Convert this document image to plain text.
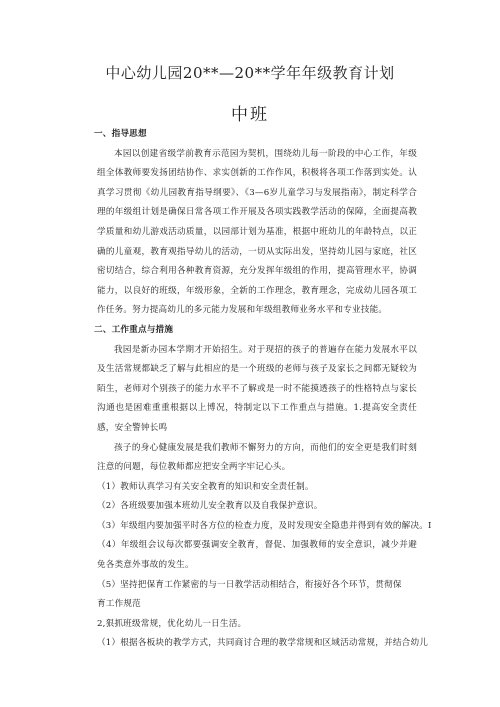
中心幼儿园20**—20**学年年级教育计划
中班
一、指导思想

本园以创建省级学前教育示范园为契机，围绕幼儿每一阶段的中心工作，年级组全体教师要发扬团结协作、求实创新的工作作风，积极将各项工作落到实处。认真学习贯彻《幼儿园教育指导纲要》、《3—6岁儿童学习与发展指南》，制定科学合理的年级组计划是确保日常各项工作开展及各项实践教学活动的保障，全面提高教学质量和幼儿游戏活动质量，以园部计划为基准，根据中班幼儿的年龄特点，以正确的儿童观，教育观指导幼儿的活动，一切从实际出发，坚持幼儿园与家庭，社区密切结合，综合利用各种教育资源，充分发挥年级组的作用，提高管理水平，协调能力，以良好的班级，年级形象，全新的工作理念，教育理念，完成幼儿园各项工作任务。努力提高幼儿的多元能力发展和年级组教师业务水平和专业技能。

二、工作重点与措施

我园是新办园本学期才开始招生。对于现招的孩子的普遍存在能力发展水平以及生活常规都缺乏了解与此相应的是一个班级的老师与孩子及家长之间都无疑较为陌生，老师对个别孩子的能力水平不了解或是一时不能摸透孩子的性格特点与家长沟通也是困难重重根据以上博况，特制定以下工作重点与措施。1.提高安全责任感，安全警钟长鸣

孩子的身心健康发展是我们教师不懈努力的方向，而他们的安全更是我们时刻注意的问题，每位教师都应把安全两字牢记心头。

（1）教师认真学习有关安全教育的知识和安全责任制。

（2）各班级要加强本班幼儿安全教育以及自我保护意识。

（3）年级组内要加强平时各方位的检查力度，及时发现安全隐患并得到有效的解决。I

（4）年级组会议每次都要强调安全教育，督促、加强教师的安全意识，减少并避免各类意外事故的发生。

（5）坚持把保育工作紧密的与一日教学活动相结合，衔接好各个环节，贯彻保

育工作规范

2,狠抓班级常规，优化幼儿一日生活。

（1）根据各板块的教学方式，共同商讨合理的教学常规和区域活动常规，并结合幼儿
